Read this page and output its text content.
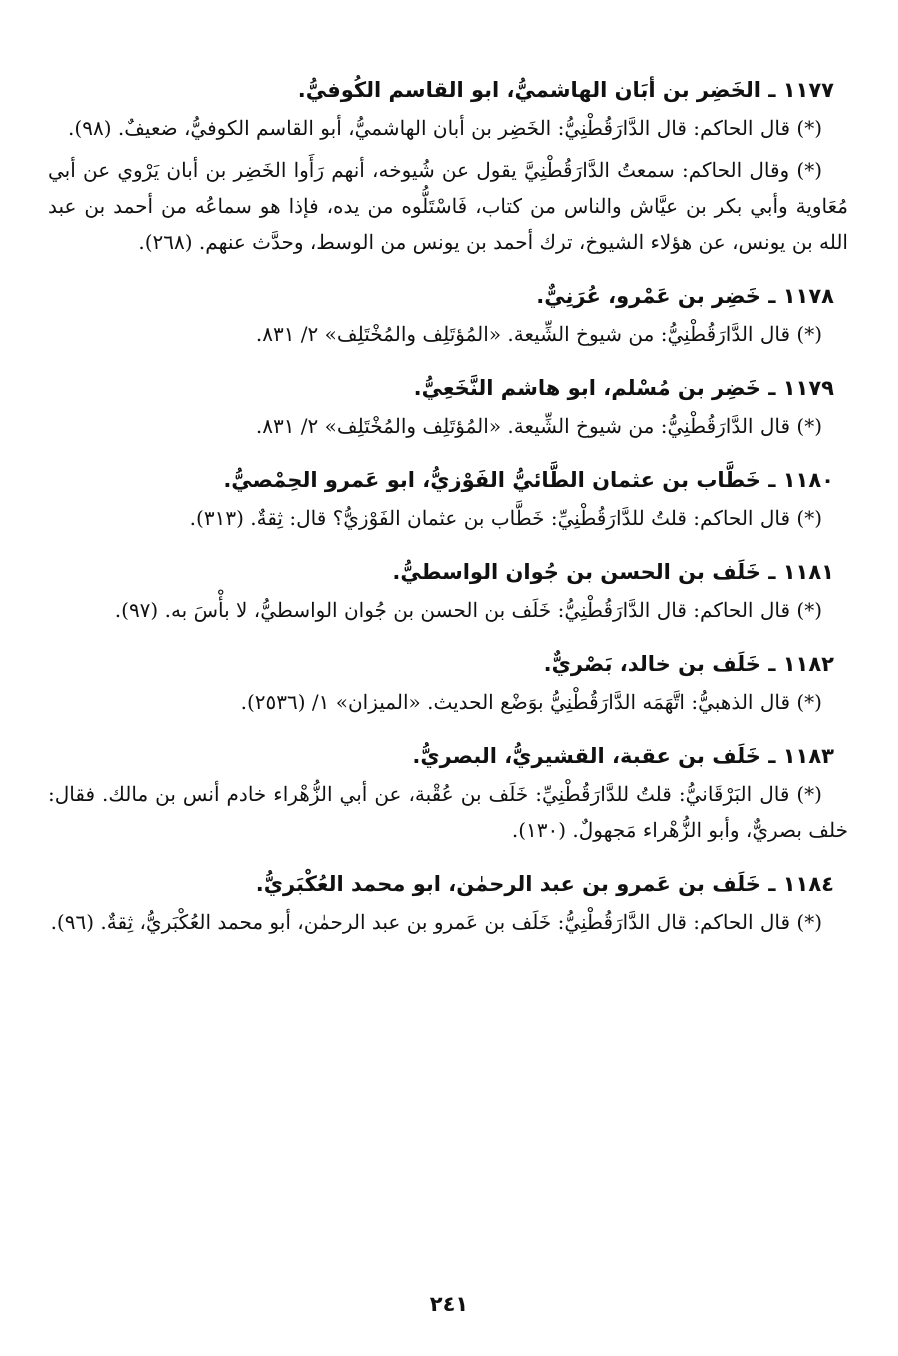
١١٧٧ ـ الخَضِر بن أبَان الهاشميُّ، ابو القاسم الكُوفيُّ.

(*) قال الحاكم: قال الدَّارَقُطْنِيُّ: الخَضِر بن أبان الهاشميُّ، أبو القاسم الكوفيُّ، ضعيفٌ. (٩٨).

(*) وقال الحاكم: سمعتُ الدَّارَقُطْنِيَّ يقول عن شُيوخه، أنهم رَأَوا الخَضِر بن أبان يَرْوي عن أبي مُعَاوية وأبي بكر بن عيَّاش والناس من كتاب، فَاسْتَلُّوه من يده، فإذا هو سماعُه من أحمد بن عبد الله بن يونس، عن هؤلاء الشيوخ، ترك أحمد بن يونس من الوسط، وحدَّث عنهم. (٢٦٨).

١١٧٨ ـ خَضِر بن عَمْرو، عُرَنِيٌّ.

(*) قال الدَّارَقُطْنِيُّ: من شيوخ الشِّيعة. «المُؤتَلِف والمُخْتَلِف» ٢/ ٨٣١.

١١٧٩ ـ خَضِر بن مُسْلم، ابو هاشم النَّخَعِيُّ.

(*) قال الدَّارَقُطْنِيُّ: من شيوخ الشِّيعة. «المُؤتَلِف والمُخْتَلِف» ٢/ ٨٣١.

١١٨٠ ـ خَطَّاب بن عثمان الطَّائيُّ الفَوْزيُّ، ابو عَمرو الحِمْصيُّ.

(*) قال الحاكم: قلتُ للدَّارَقُطْنِيِّ: خَطَّاب بن عثمان الفَوْزيُّ؟ قال: ثِقةٌ. (٣١٣).

١١٨١ ـ خَلَف بن الحسن بن جُوان الواسطيُّ.

(*) قال الحاكم: قال الدَّارَقُطْنِيُّ: خَلَف بن الحسن بن جُوان الواسطيُّ، لا بأْسَ به. (٩٧).

١١٨٢ ـ خَلَف بن خالد، بَصْريٌّ.

(*) قال الذهبيُّ: اتَّهَمَه الدَّارَقُطْنِيُّ بوَضْع الحديث. «الميزان» ١/ (٢٥٣٦).

١١٨٣ ـ خَلَف بن عقبة، القشيريُّ، البصريُّ.

(*) قال البَرْقَانيُّ: قلتُ للدَّارَقُطْنِيِّ: خَلَف بن عُقْبة، عن أبي الزُّهْراء خادم أنس بن مالك. فقال: خلف بصريٌّ، وأبو الزُّهْراء مَجهولٌ. (١٣٠).

١١٨٤ ـ خَلَف بن عَمرو بن عبد الرحمٰن، ابو محمد العُكْبَريُّ.

(*) قال الحاكم: قال الدَّارَقُطْنِيُّ: خَلَف بن عَمرو بن عبد الرحمٰن، أبو محمد العُكْبَريُّ، ثِقةٌ. (٩٦).

٢٤١
